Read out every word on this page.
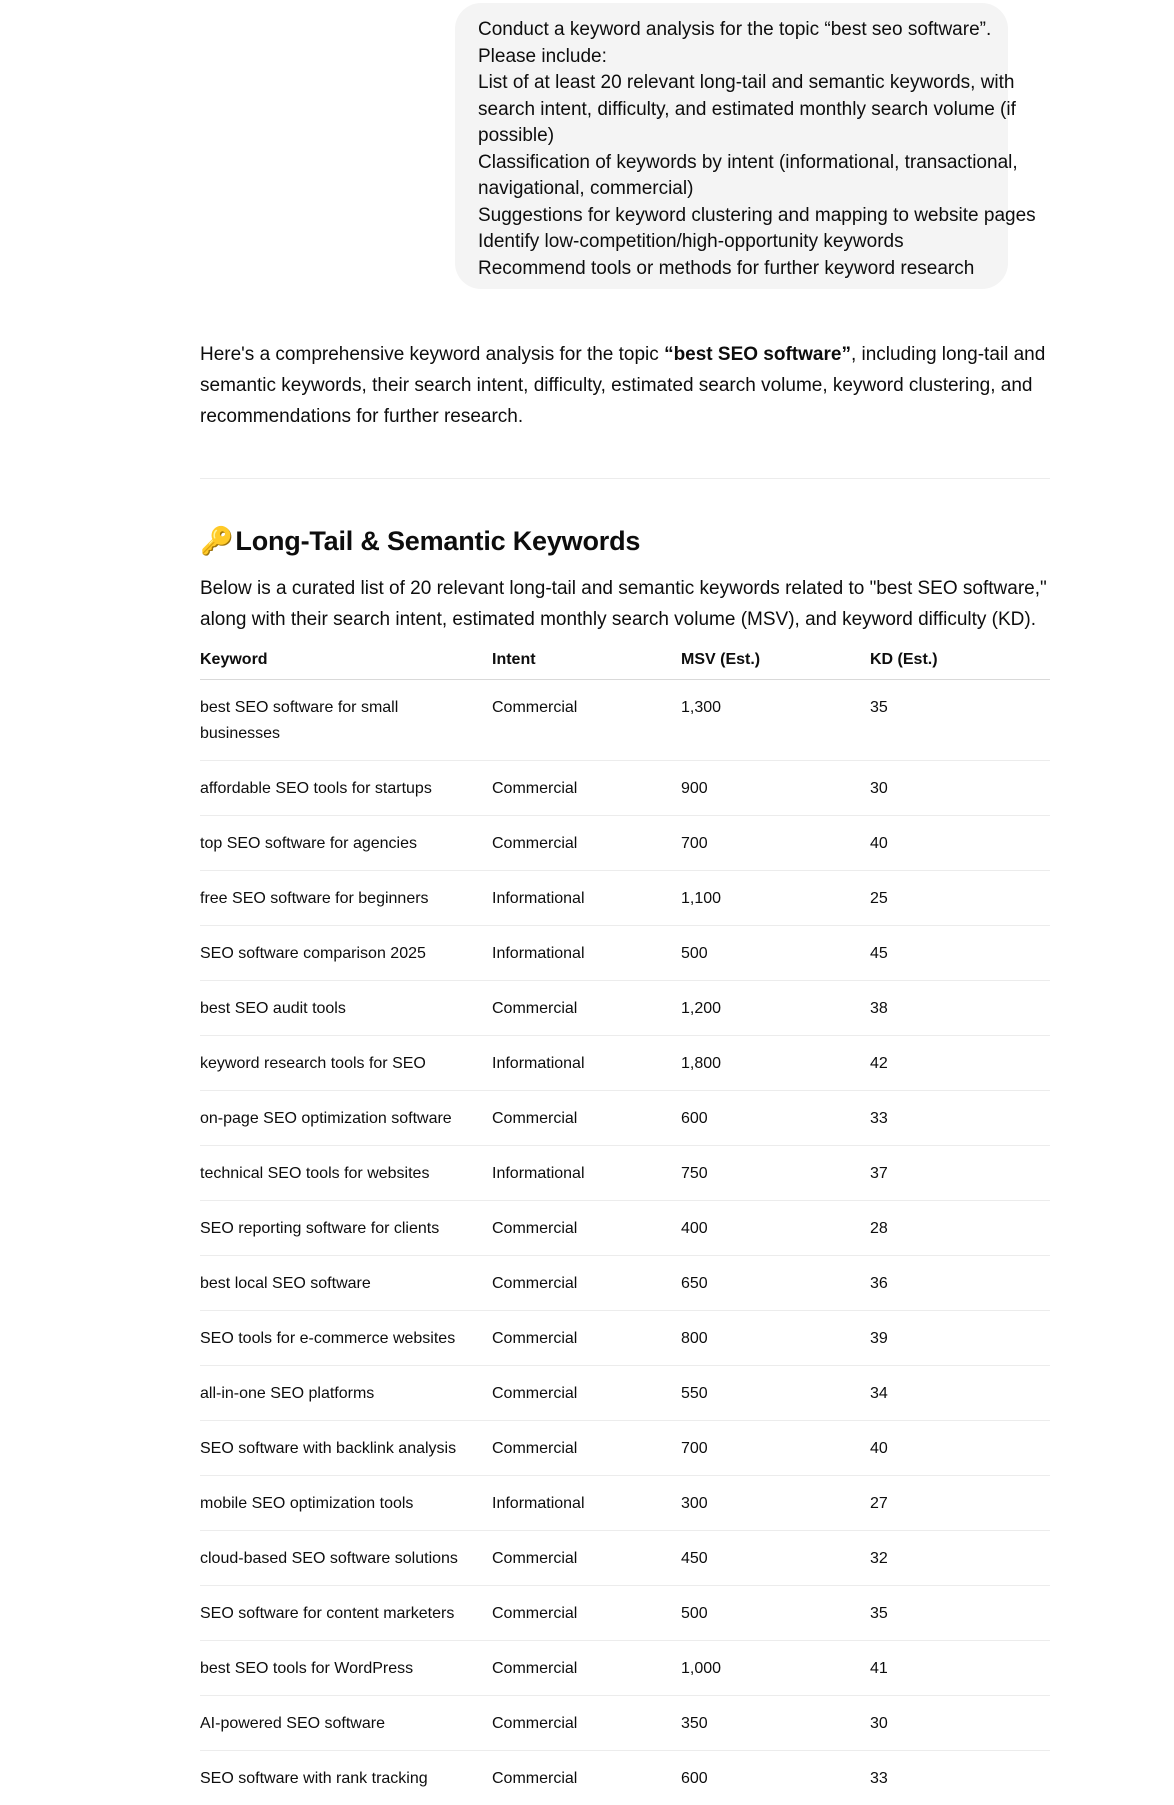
Conduct a keyword analysis for the topic “best seo software”.
Please include:
List of at least 20 relevant long-tail and semantic keywords, with
search intent, difficulty, and estimated monthly search volume (if
possible)
Classification of keywords by intent (informational, transactional,
navigational, commercial)
Suggestions for keyword clustering and mapping to website pages
Identify low-competition/high-opportunity keywords
Recommend tools or methods for further keyword research

Here's a comprehensive keyword analysis for the topic “best SEO software”, including long-tail and semantic keywords, their search intent, difficulty, estimated search volume, keyword clustering, and recommendations for further research.

🔑Long-Tail & Semantic Keywords

Below is a curated list of 20 relevant long-tail and semantic keywords related to "best SEO software," along with their search intent, estimated monthly search volume (MSV), and keyword difficulty (KD).

Keyword	Intent	MSV (Est.)	KD (Est.)
best SEO software for small businesses	Commercial	1,300	35
affordable SEO tools for startups	Commercial	900	30
top SEO software for agencies	Commercial	700	40
free SEO software for beginners	Informational	1,100	25
SEO software comparison 2025	Informational	500	45
best SEO audit tools	Commercial	1,200	38
keyword research tools for SEO	Informational	1,800	42
on-page SEO optimization software	Commercial	600	33
technical SEO tools for websites	Informational	750	37
SEO reporting software for clients	Commercial	400	28
best local SEO software	Commercial	650	36
SEO tools for e-commerce websites	Commercial	800	39
all-in-one SEO platforms	Commercial	550	34
SEO software with backlink analysis	Commercial	700	40
mobile SEO optimization tools	Informational	300	27
cloud-based SEO software solutions	Commercial	450	32
SEO software for content marketers	Commercial	500	35
best SEO tools for WordPress	Commercial	1,000	41
AI-powered SEO software	Commercial	350	30
SEO software with rank tracking	Commercial	600	33
